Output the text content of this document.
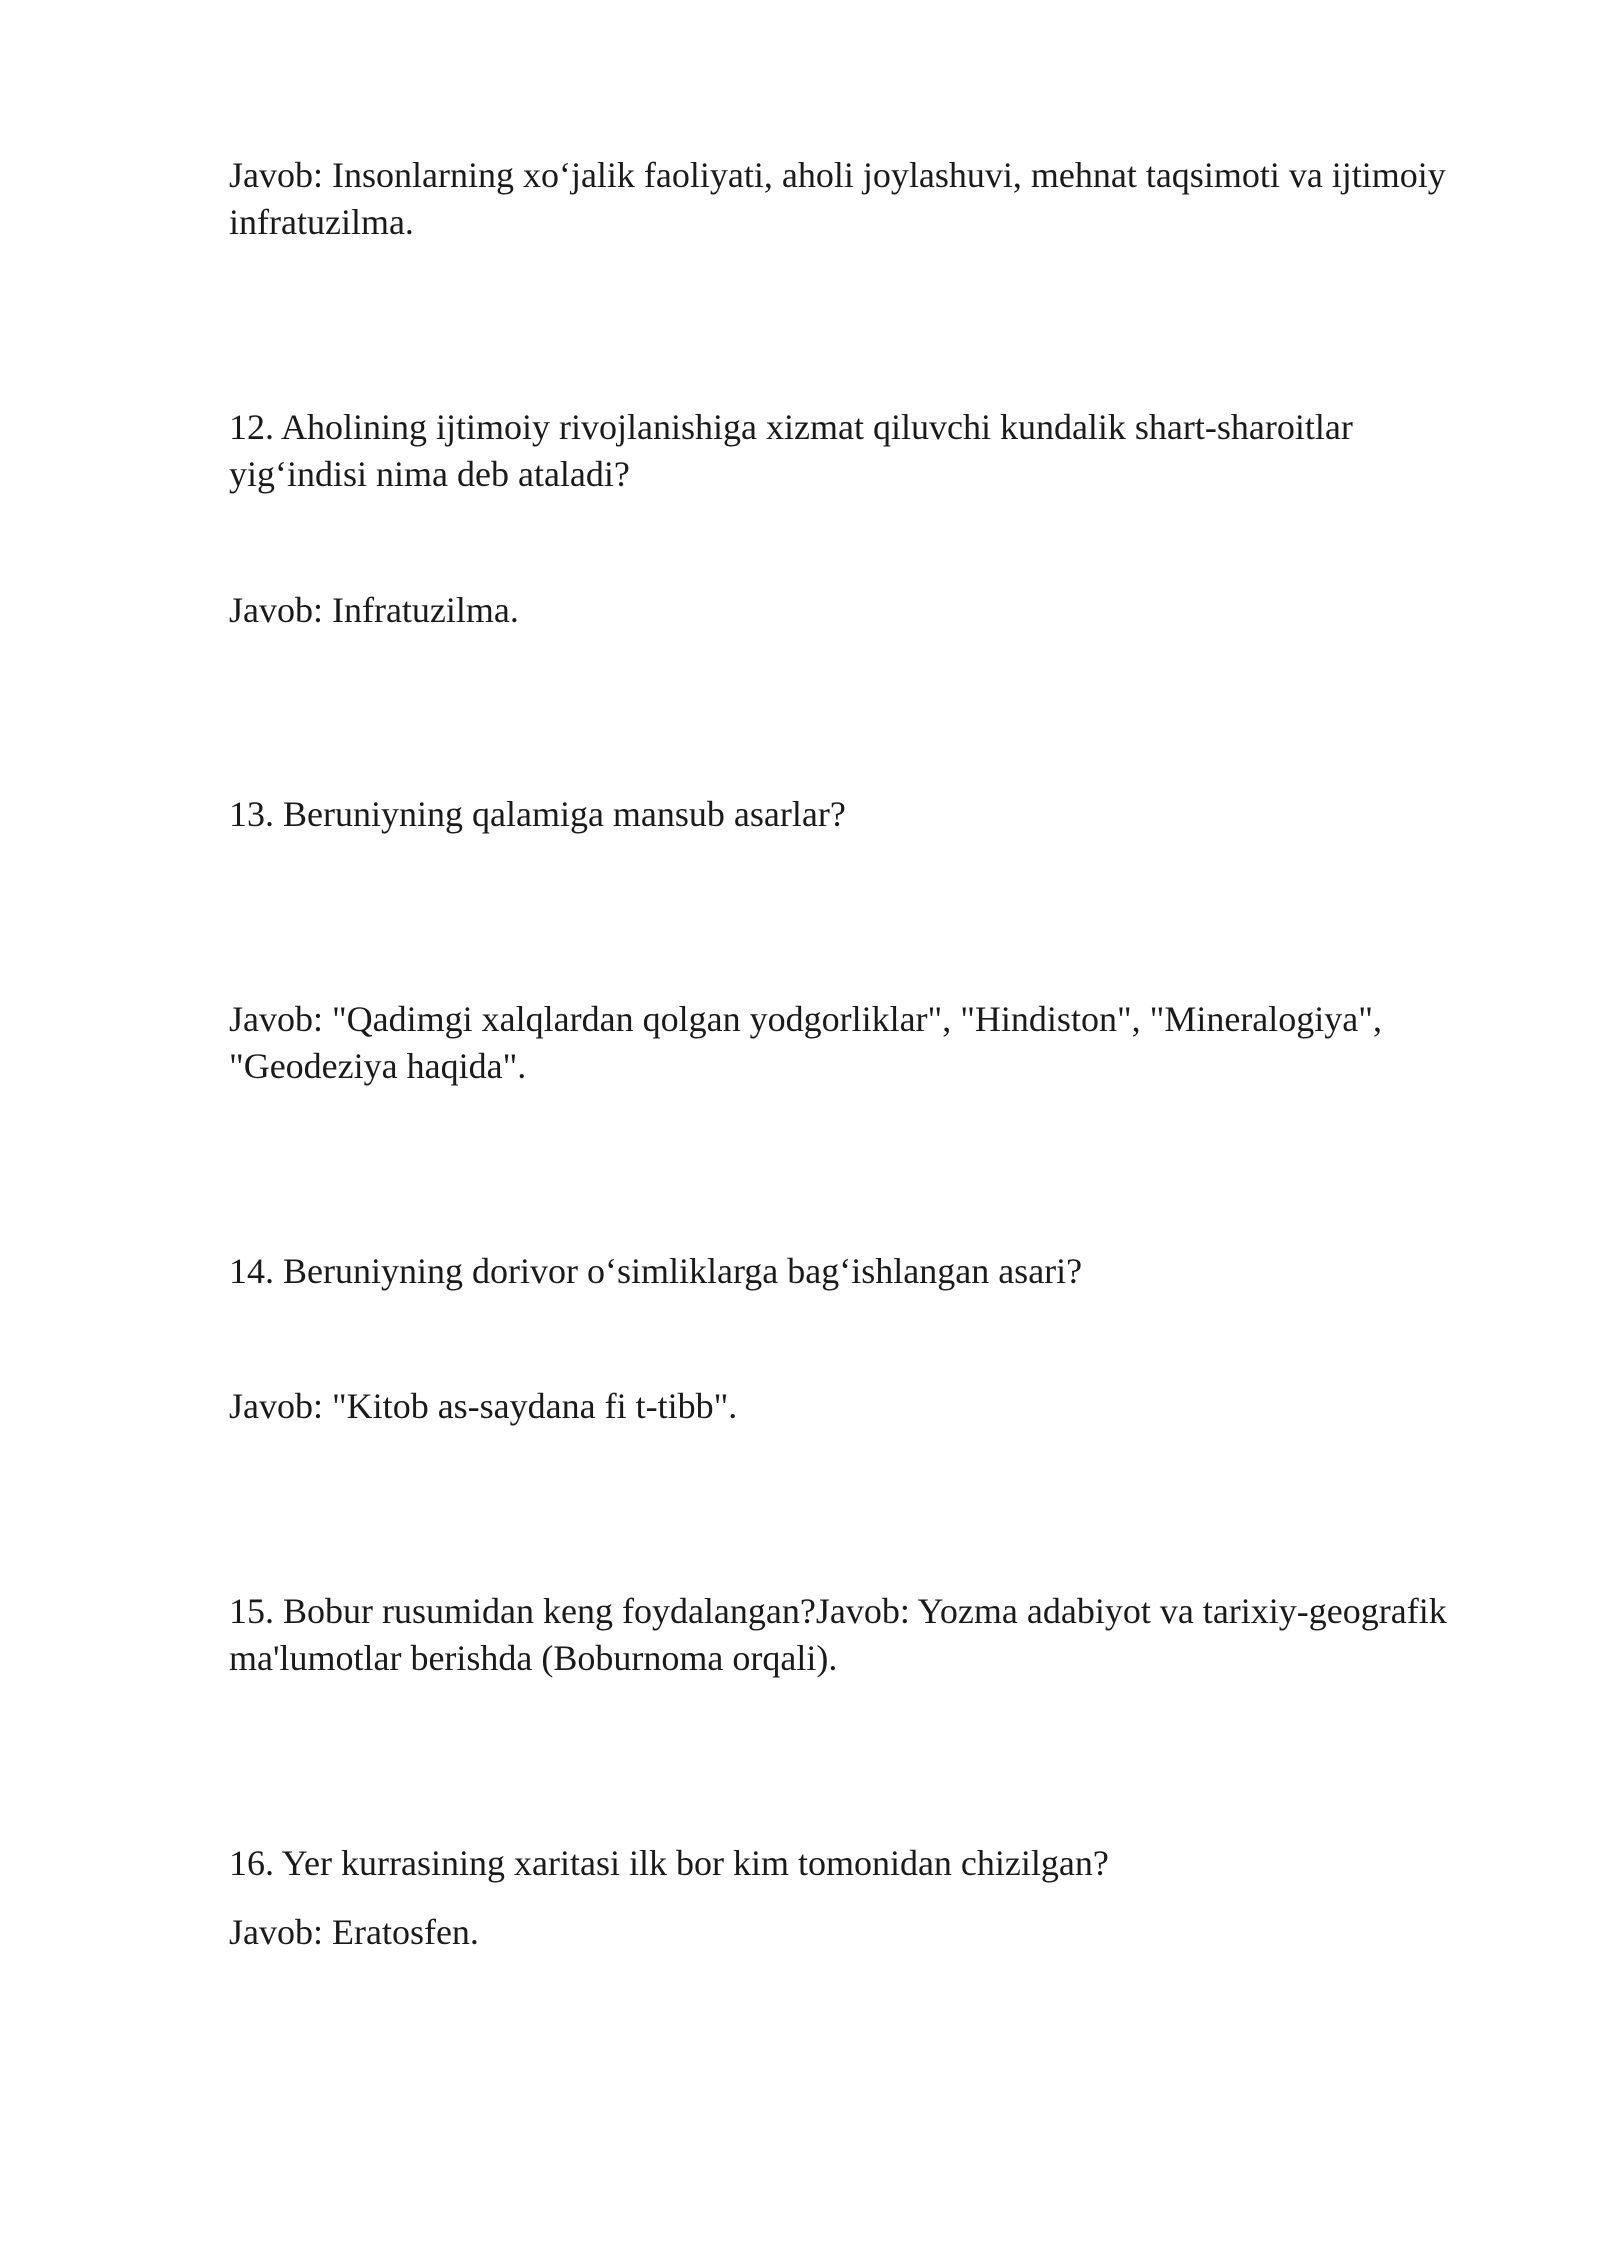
Javob: Insonlarning xo‘jalik faoliyati, aholi joylashuvi, mehnat taqsimoti va ijtimoiy infratuzilma.

12. Aholining ijtimoiy rivojlanishiga xizmat qiluvchi kundalik shart-sharoitlar yig‘indisi nima deb ataladi?

Javob: Infratuzilma.

13. Beruniyning qalamiga mansub asarlar?

Javob: "Qadimgi xalqlardan qolgan yodgorliklar", "Hindiston", "Mineralogiya", "Geodeziya haqida".

14. Beruniyning dorivor o‘simliklarga bag‘ishlangan asari?

Javob: "Kitob as-saydana fi t-tibb".

15. Bobur rusumidan keng foydalangan?Javob: Yozma adabiyot va tarixiy-geografik ma'lumotlar berishda (Boburnoma orqali).

16. Yer kurrasining xaritasi ilk bor kim tomonidan chizilgan?

Javob: Eratosfen.
